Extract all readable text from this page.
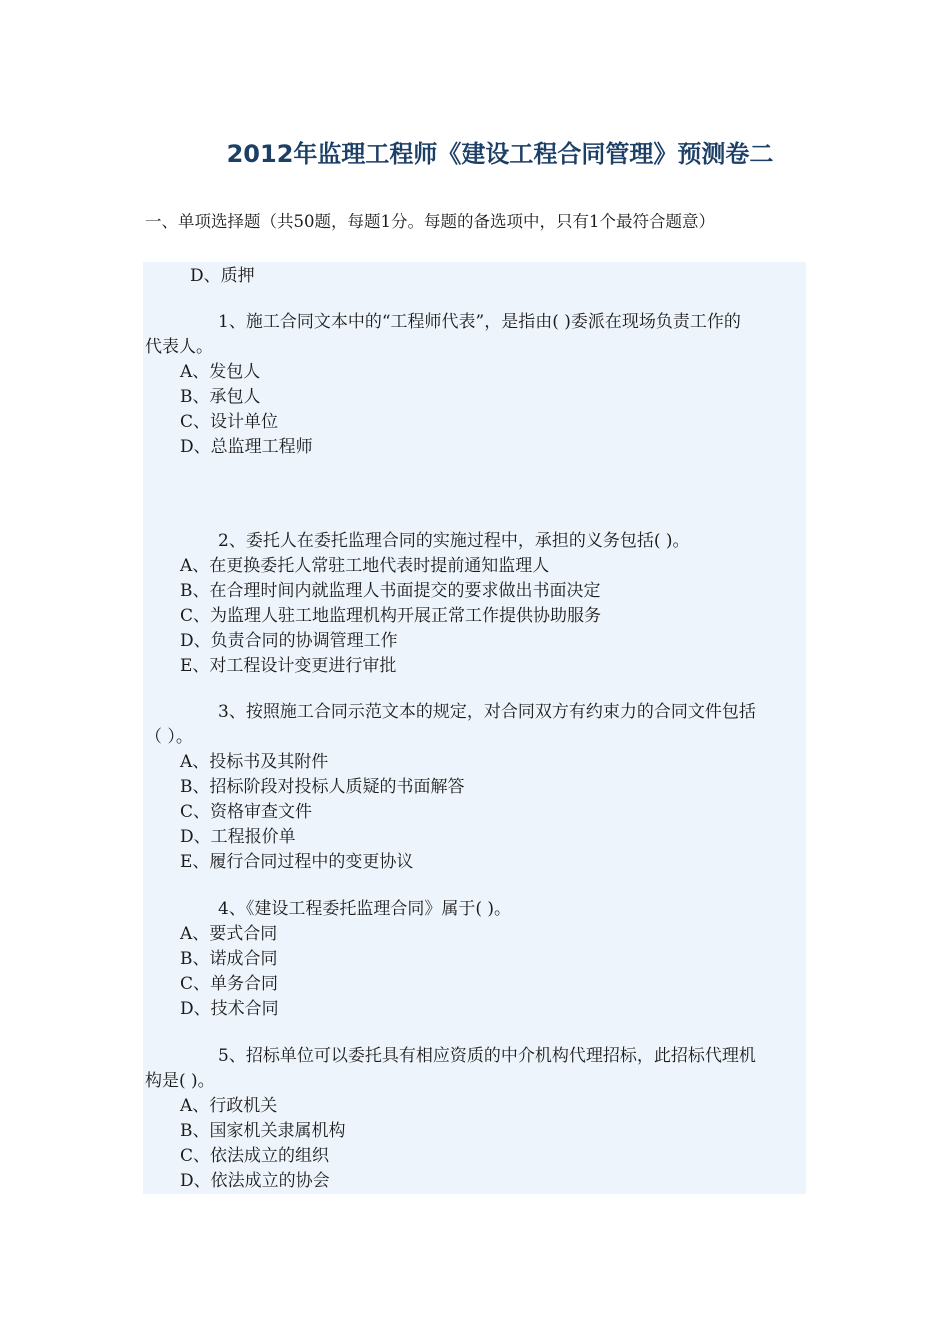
2012年监理工程师《建设工程合同管理》预测卷二

一、单项选择题（共50题，每题1分。每题的备选项中，只有1个最符合题意）

D、质押

1、施工合同文本中的“工程师代表”，是指由( )委派在现场负责工作的

代表人。

A、发包人

B、承包人

C、设计单位

D、总监理工程师

2、委托人在委托监理合同的实施过程中，承担的义务包括( )。

A、在更换委托人常驻工地代表时提前通知监理人

B、在合理时间内就监理人书面提交的要求做出书面决定

C、为监理人驻工地监理机构开展正常工作提供协助服务

D、负责合同的协调管理工作

E、对工程设计变更进行审批

3、按照施工合同示范文本的规定，对合同双方有约束力的合同文件包括

（ ）。

A、投标书及其附件

B、招标阶段对投标人质疑的书面解答

C、资格审查文件

D、工程报价单

E、履行合同过程中的变更协议

4、《建设工程委托监理合同》属于( )。

A、要式合同

B、诺成合同

C、单务合同

D、技术合同

5、招标单位可以委托具有相应资质的中介机构代理招标，此招标代理机

构是( )。

A、行政机关

B、国家机关隶属机构

C、依法成立的组织

D、依法成立的协会
